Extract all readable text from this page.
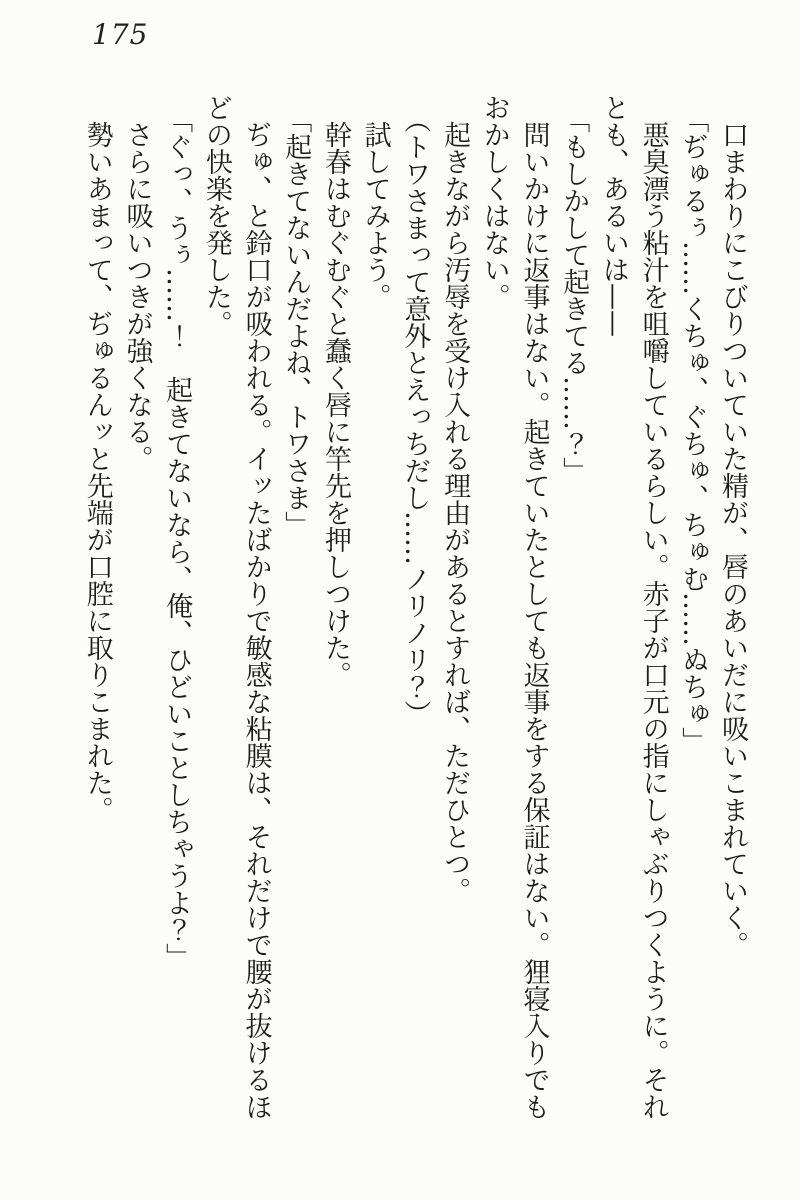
175
口まわりにこびりついていた精が、唇のあいだに吸いこまれていく。
「ぢゅるぅ……くちゅ、ぐちゅ、ちゅむ……ぬちゅ」
悪臭漂う粘汁を咀嚼しているらしい。赤子が口元の指にしゃぶりつくように。それ
とも、あるいは——
「もしかして起きてる……？」
問いかけに返事はない。起きていたとしても返事をする保証はない。狸寝入りでも
おかしくはない。
起きながら汚辱を受け入れる理由があるとすれば、ただひとつ。
（トワさまって意外とえっちだし……ノリノリ？）
試してみよう。
幹春はむぐむぐと蠢く唇に竿先を押しつけた。
「起きてないんだよね、トワさま」
ぢゅ、と鈴口が吸われる。イッたばかりで敏感な粘膜は、それだけで腰が抜けるほ
どの快楽を発した。
「ぐっ、うぅ……！　起きてないなら、俺、ひどいことしちゃうよ？」
さらに吸いつきが強くなる。
勢いあまって、ぢゅるんッと先端が口腔に取りこまれた。
